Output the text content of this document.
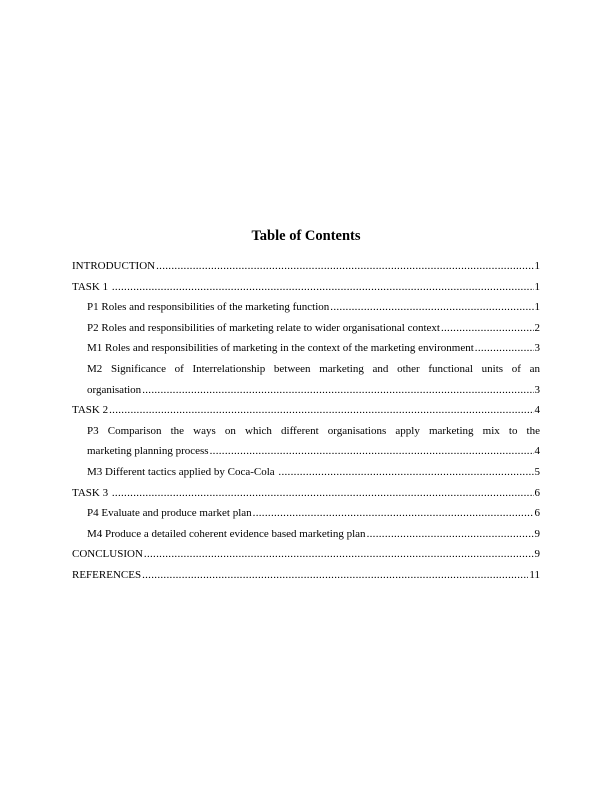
Table of Contents
INTRODUCTION .....	1
TASK 1 .....	1
P1 Roles and responsibilities of the marketing function .....	1
P2 Roles and responsibilities of marketing relate to wider organisational context .....	2
M1 Roles and responsibilities of marketing in the context of the marketing environment .....	3
M2 Significance of Interrelationship between marketing and other functional units of an
organisation .....	3
TASK 2 .....	4
P3 Comparison the ways on which different organisations apply marketing mix to the
marketing planning process .....	4
M3 Different tactics applied by Coca-Cola .....	5
TASK 3 .....	6
P4 Evaluate and produce market plan .....	6
M4 Produce a detailed coherent evidence based marketing plan .....	9
CONCLUSION .....	9
REFERENCES .....	11
